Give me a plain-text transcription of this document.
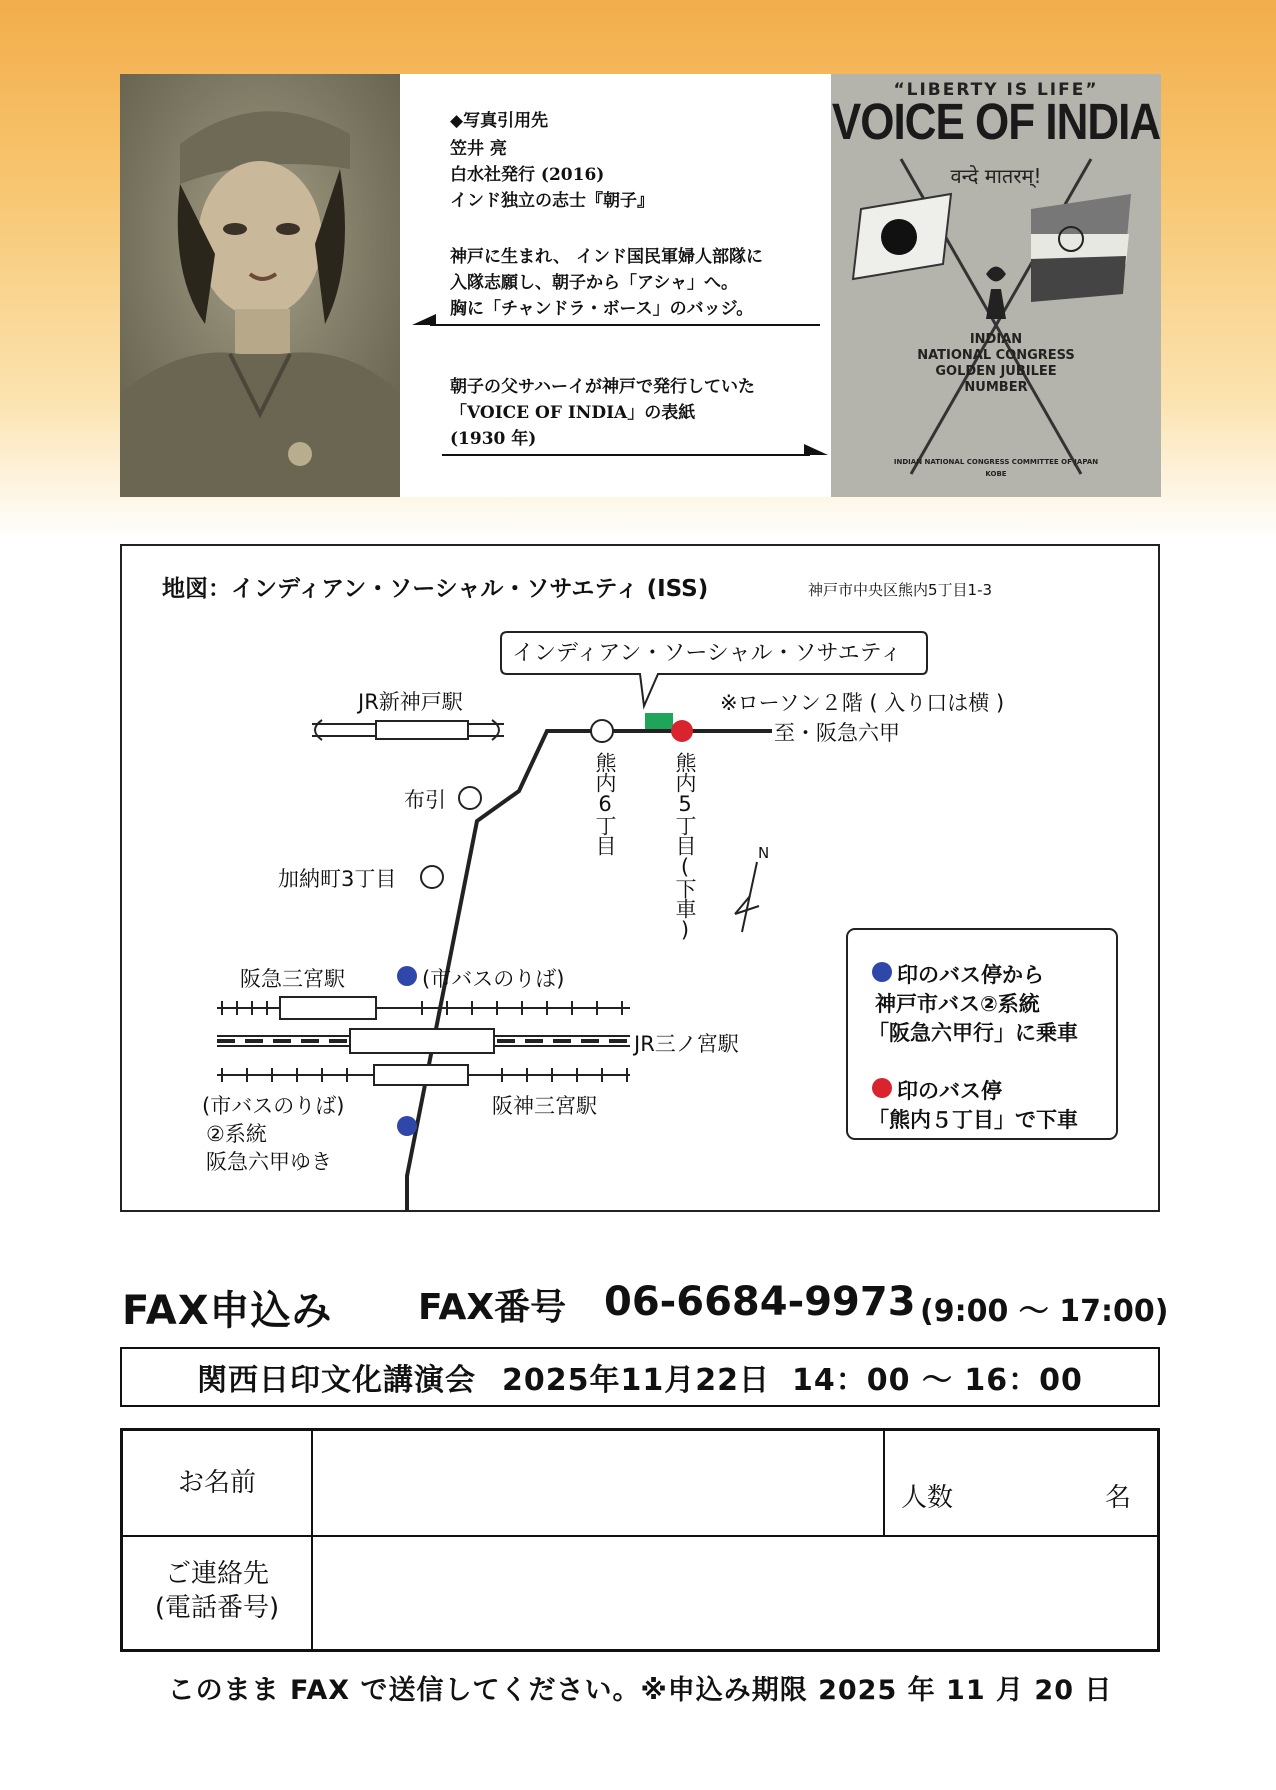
◆写真引用先
笠井 亮
白水社発行 (2016)
インド独立の志士『朝子』
神戸に生まれ、 インド国民軍婦人部隊に
入隊志願し、朝子から「アシャ」へ。
胸に「チャンドラ・ボース」のバッジ。
朝子の父サハーイが神戸で発行していた
「VOICE OF INDIA」の表紙
(1930 年)
“LIBERTY IS LIFE”
VOICE OF INDIA
वन्दे मातरम्!
INDIAN
NATIONAL CONGRESS
GOLDEN JUBILEE
NUMBER
INDIAN NATIONAL CONGRESS COMMITTEE OF JAPAN
KOBE
地図：インディアン・ソーシャル・ソサエティ (ISS)	神戸市中央区熊内5丁目1-3
インディアン・ソーシャル・ソサエティ
※ローソン２階 ( 入り口は横 )
至・阪急六甲
JR新神戸駅
布引
加納町3丁目
熊内6丁目	熊内5丁目(下車)	N
阪急三宮駅	(市バスのりば)
JR三ノ宮駅
(市バスのりば)
②系統
阪急六甲ゆき
阪神三宮駅
印のバス停から
神戸市バス②系統
「阪急六甲行」に乗車
印のバス停
「熊内５丁目」で下車
FAX申込み FAX番号 06-6684-9973 (9:00 ～ 17:00)
関西日印文化講演会 2025年11月22日 14：00 ～ 16：00
お名前	人数	名
ご連絡先
(電話番号)
このまま FAX で送信してください。※申込み期限 2025 年 11 月 20 日
